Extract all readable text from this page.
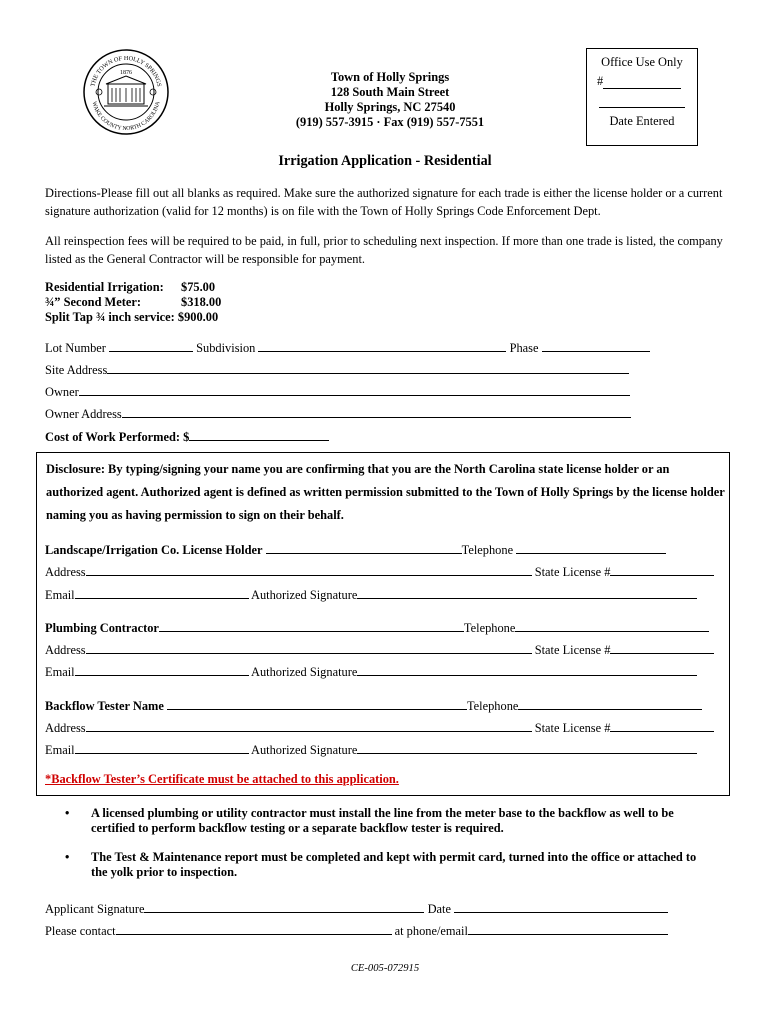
THE TOWN OF HOLLY SPRINGS
WAKE COUNTY NORTH CAROLINA
1876	Town of Holly Springs
128 South Main Street
Holly Springs, NC 27540
(919) 557-3915 · Fax (919) 557-7551
Office Use Only
#
Date Entered
Irrigation Application - Residential

Directions-Please fill out all blanks as required. Make sure the authorized signature for each trade is either the license holder or a current signature authorization (valid for 12 months) is on file with the Town of Holly Springs Code Enforcement Dept.

All reinspection fees will be required to be paid, in full, prior to scheduling next inspection. If more than one trade is listed, the company listed as the General Contractor will be responsible for payment.

Residential Irrigation: $75.00
¾” Second Meter:	$318.00
Split Tap ¾ inch service: $900.00
Lot Number	Subdivision	Phase
Site Address
Owner
Owner Address
Cost of Work Performed: $
Disclosure: By typing/signing your name you are confirming that you are the North Carolina state license holder or an authorized agent. Authorized agent is defined as written permission submitted to the Town of Holly Springs by the license holder naming you as having permission to sign on their behalf.
Landscape/Irrigation Co. License Holder	Telephone
Address	State License #
Email	Authorized Signature
Plumbing Contractor	Telephone
Address	State License #
Email	Authorized Signature
Backflow Tester Name	Telephone
Address	State License #
Email	Authorized Signature
*Backflow Tester’s Certificate must be attached to this application.
• A licensed plumbing or utility contractor must install the line from the meter base to the backflow as well to be certified to perform backflow testing or a separate backflow tester is required.
• The Test & Maintenance report must be completed and kept with permit card, turned into the office or attached to the yolk prior to inspection.
Applicant Signature	Date
Please contact	at phone/email
CE-005-072915
